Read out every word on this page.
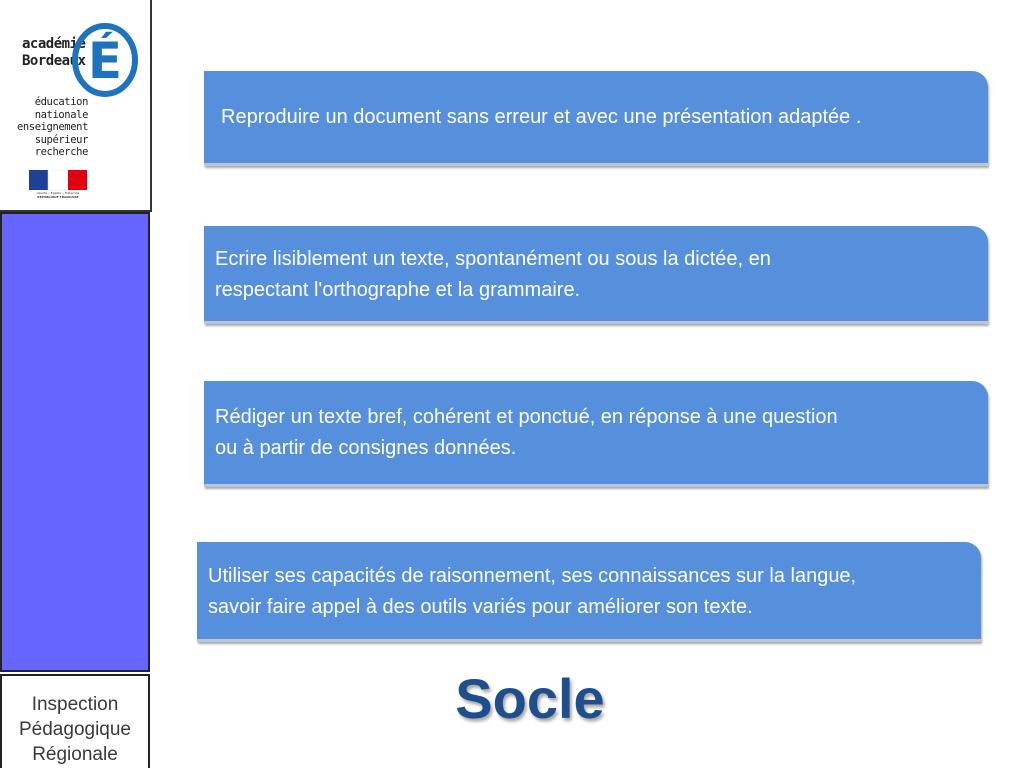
académie
Bordeaux É
éducation
nationale
enseignement
supérieur
recherche
Liberté • Égalité • Fraternité
RÉPUBLIQUE FRANÇAISE
Inspection
Pédagogique
Régionale
Reproduire un document sans erreur et avec une présentation adaptée .
Ecrire lisiblement un texte, spontanément ou sous la dictée, en
respectant l'orthographe et la grammaire.
Rédiger un texte bref, cohérent et ponctué, en réponse à une question
ou à partir de consignes données.
Utiliser ses capacités de raisonnement, ses connaissances sur la langue,
savoir faire appel à des outils variés pour améliorer son texte.
Socle
